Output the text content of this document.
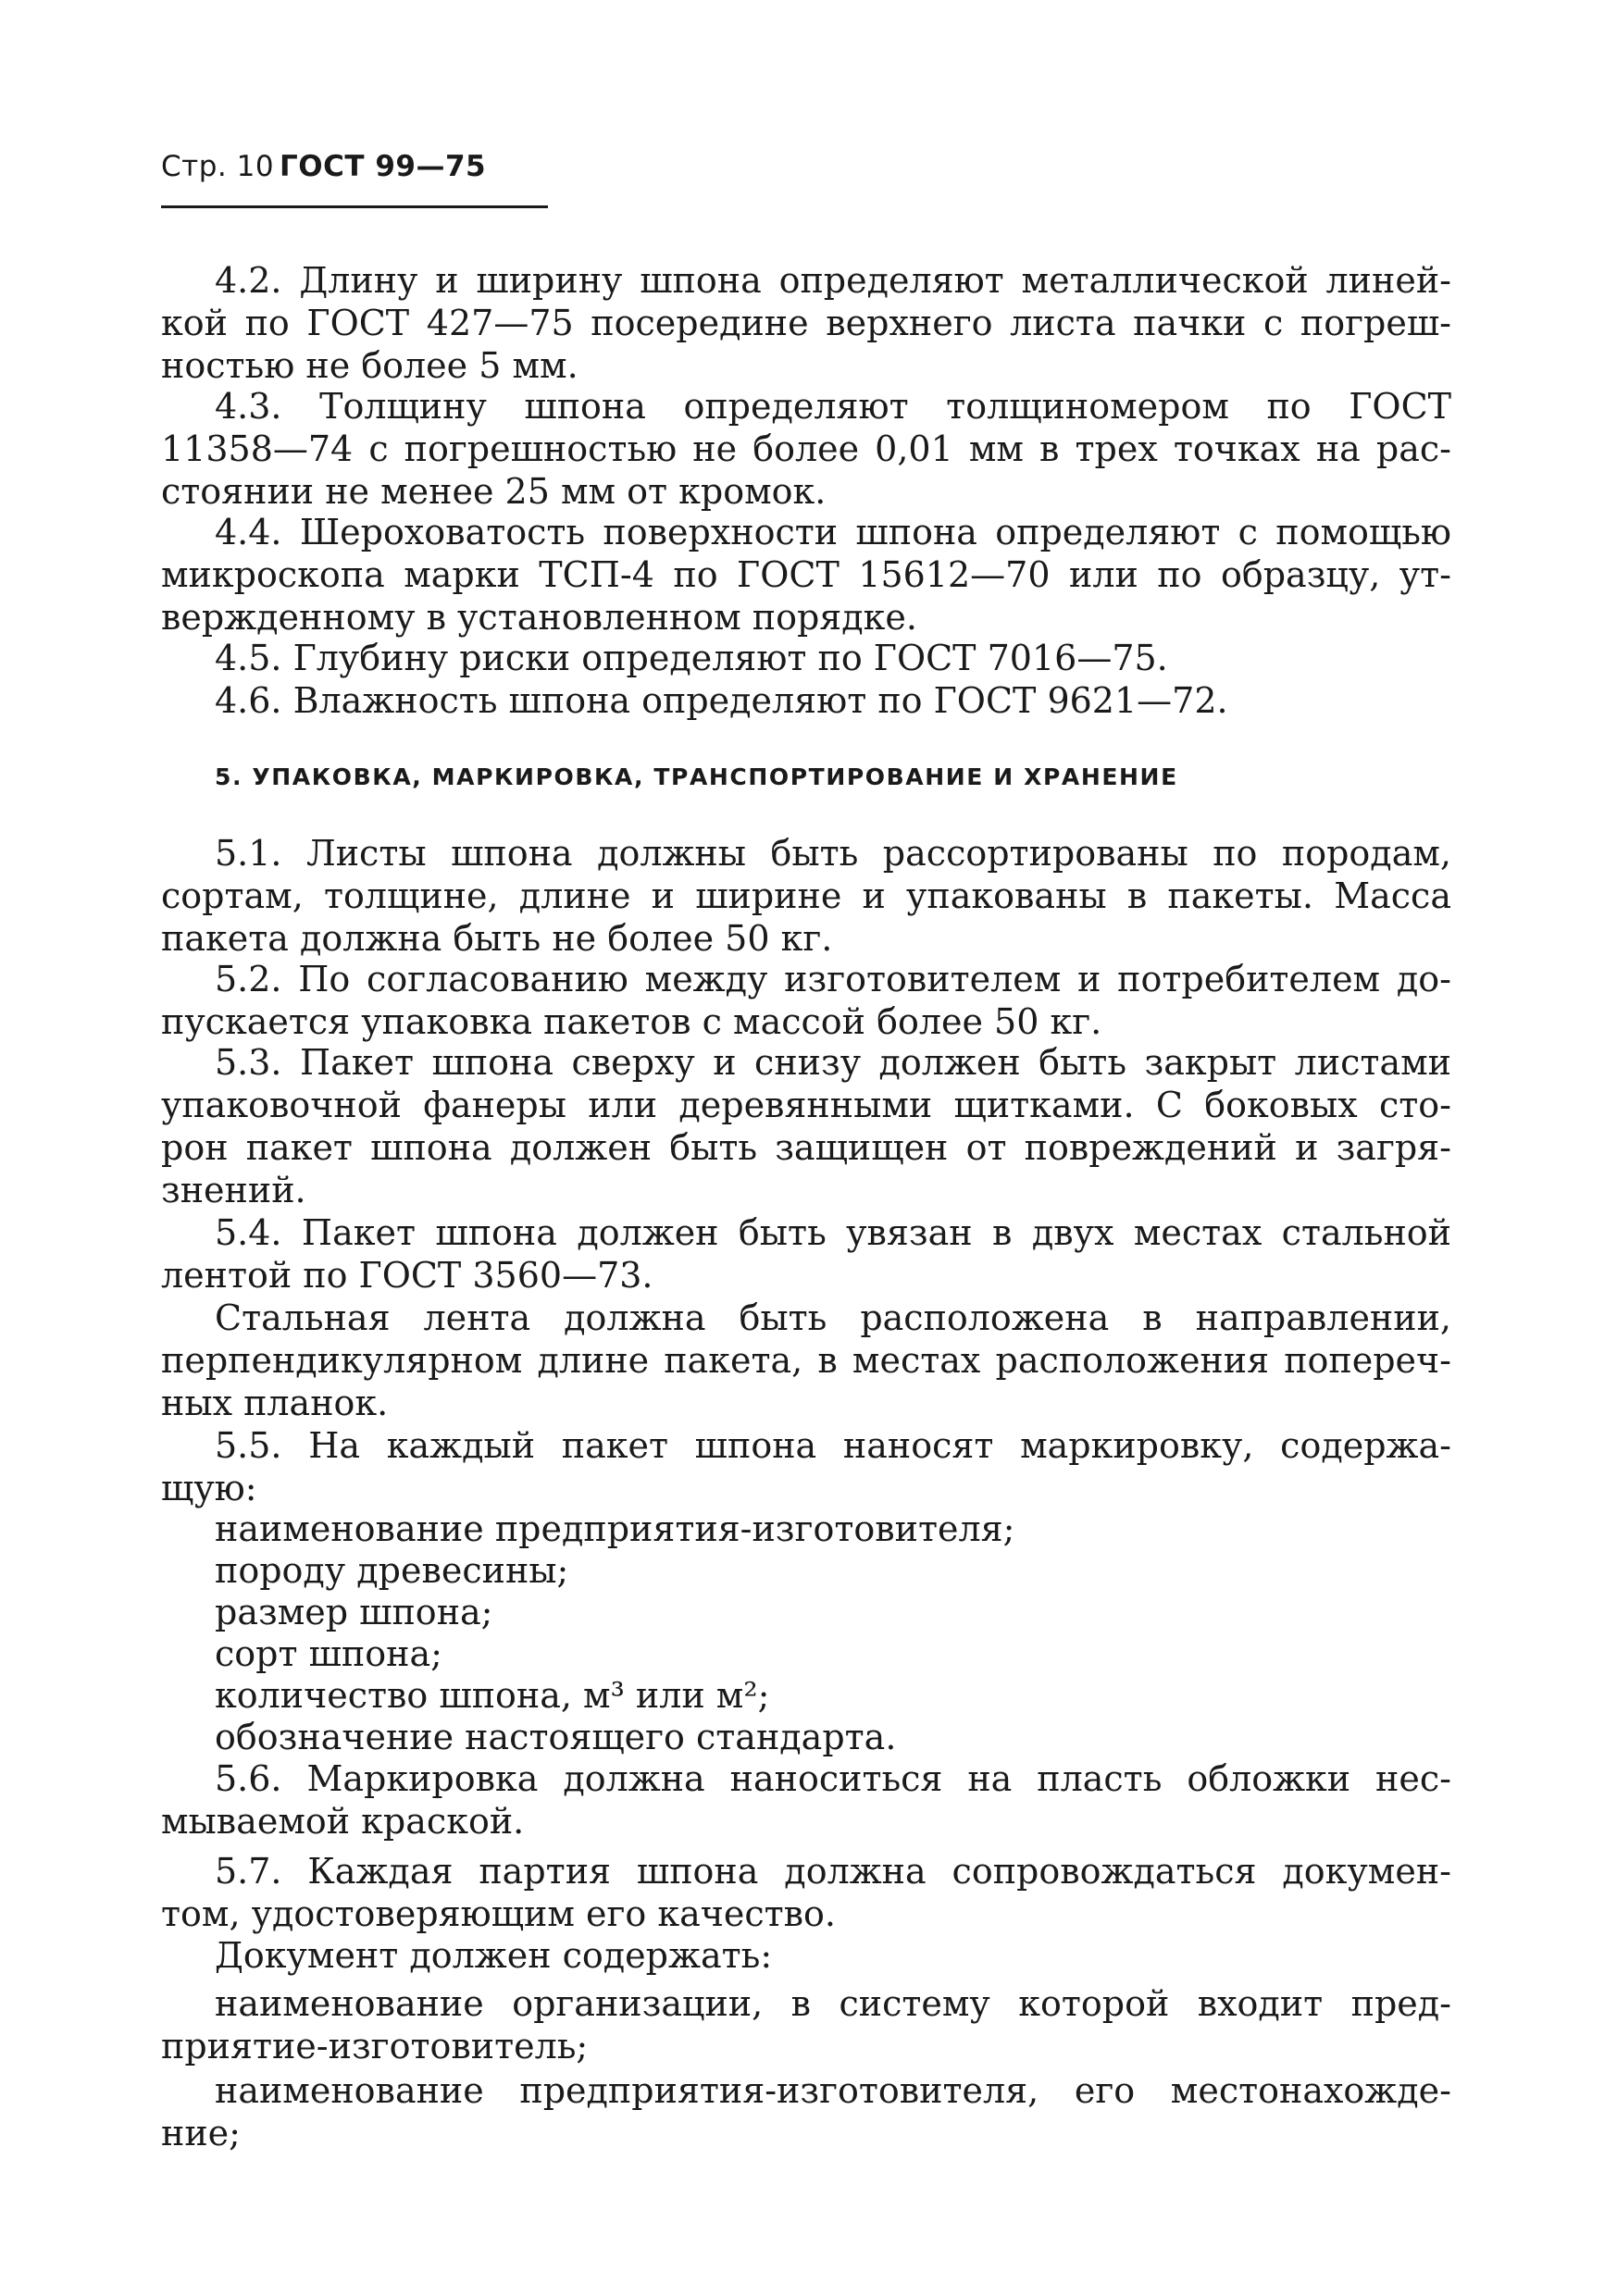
Стр. 10 ГОСТ 99—75
4.2. Длину и ширину шпона определяют металлической линей-
кой по ГОСТ 427—75 посередине верхнего листа пачки с погреш-
ностью не более 5 мм.
4.3. Толщину шпона определяют толщиномером по ГОСТ
11358—74 с погрешностью не более 0,01 мм в трех точках на рас-
стоянии не менее 25 мм от кромок.
4.4. Шероховатость поверхности шпона определяют с помощью
микроскопа марки ТСП-4 по ГОСТ 15612—70 или по образцу, ут-
вержденному в установленном порядке.
4.5. Глубину риски определяют по ГОСТ 7016—75.
4.6. Влажность шпона определяют по ГОСТ 9621—72.
5. УПАКОВКА, МАРКИРОВКА, ТРАНСПОРТИРОВАНИЕ И ХРАНЕНИЕ
5.1. Листы шпона должны быть рассортированы по породам,
сортам, толщине, длине и ширине и упакованы в пакеты. Масса
пакета должна быть не более 50 кг.
5.2. По согласованию между изготовителем и потребителем до-
пускается упаковка пакетов с массой более 50 кг.
5.3. Пакет шпона сверху и снизу должен быть закрыт листами
упаковочной фанеры или деревянными щитками. С боковых сто-
рон пакет шпона должен быть защищен от повреждений и загря-
знений.
5.4. Пакет шпона должен быть увязан в двух местах стальной
лентой по ГОСТ 3560—73.
Стальная лента должна быть расположена в направлении,
перпендикулярном длине пакета, в местах расположения попереч-
ных планок.
5.5. На каждый пакет шпона наносят маркировку, содержа-
щую:
наименование предприятия-изготовителя;
породу древесины;
размер шпона;
сорт шпона;
количество шпона, м³ или м²;
обозначение настоящего стандарта.
5.6. Маркировка должна наноситься на пласть обложки нес-
мываемой краской.
5.7. Каждая партия шпона должна сопровождаться докумен-
том, удостоверяющим его качество.
Документ должен содержать:
наименование организации, в систему которой входит пред-
приятие-изготовитель;
наименование предприятия-изготовителя, его местонахожде-
ние;
